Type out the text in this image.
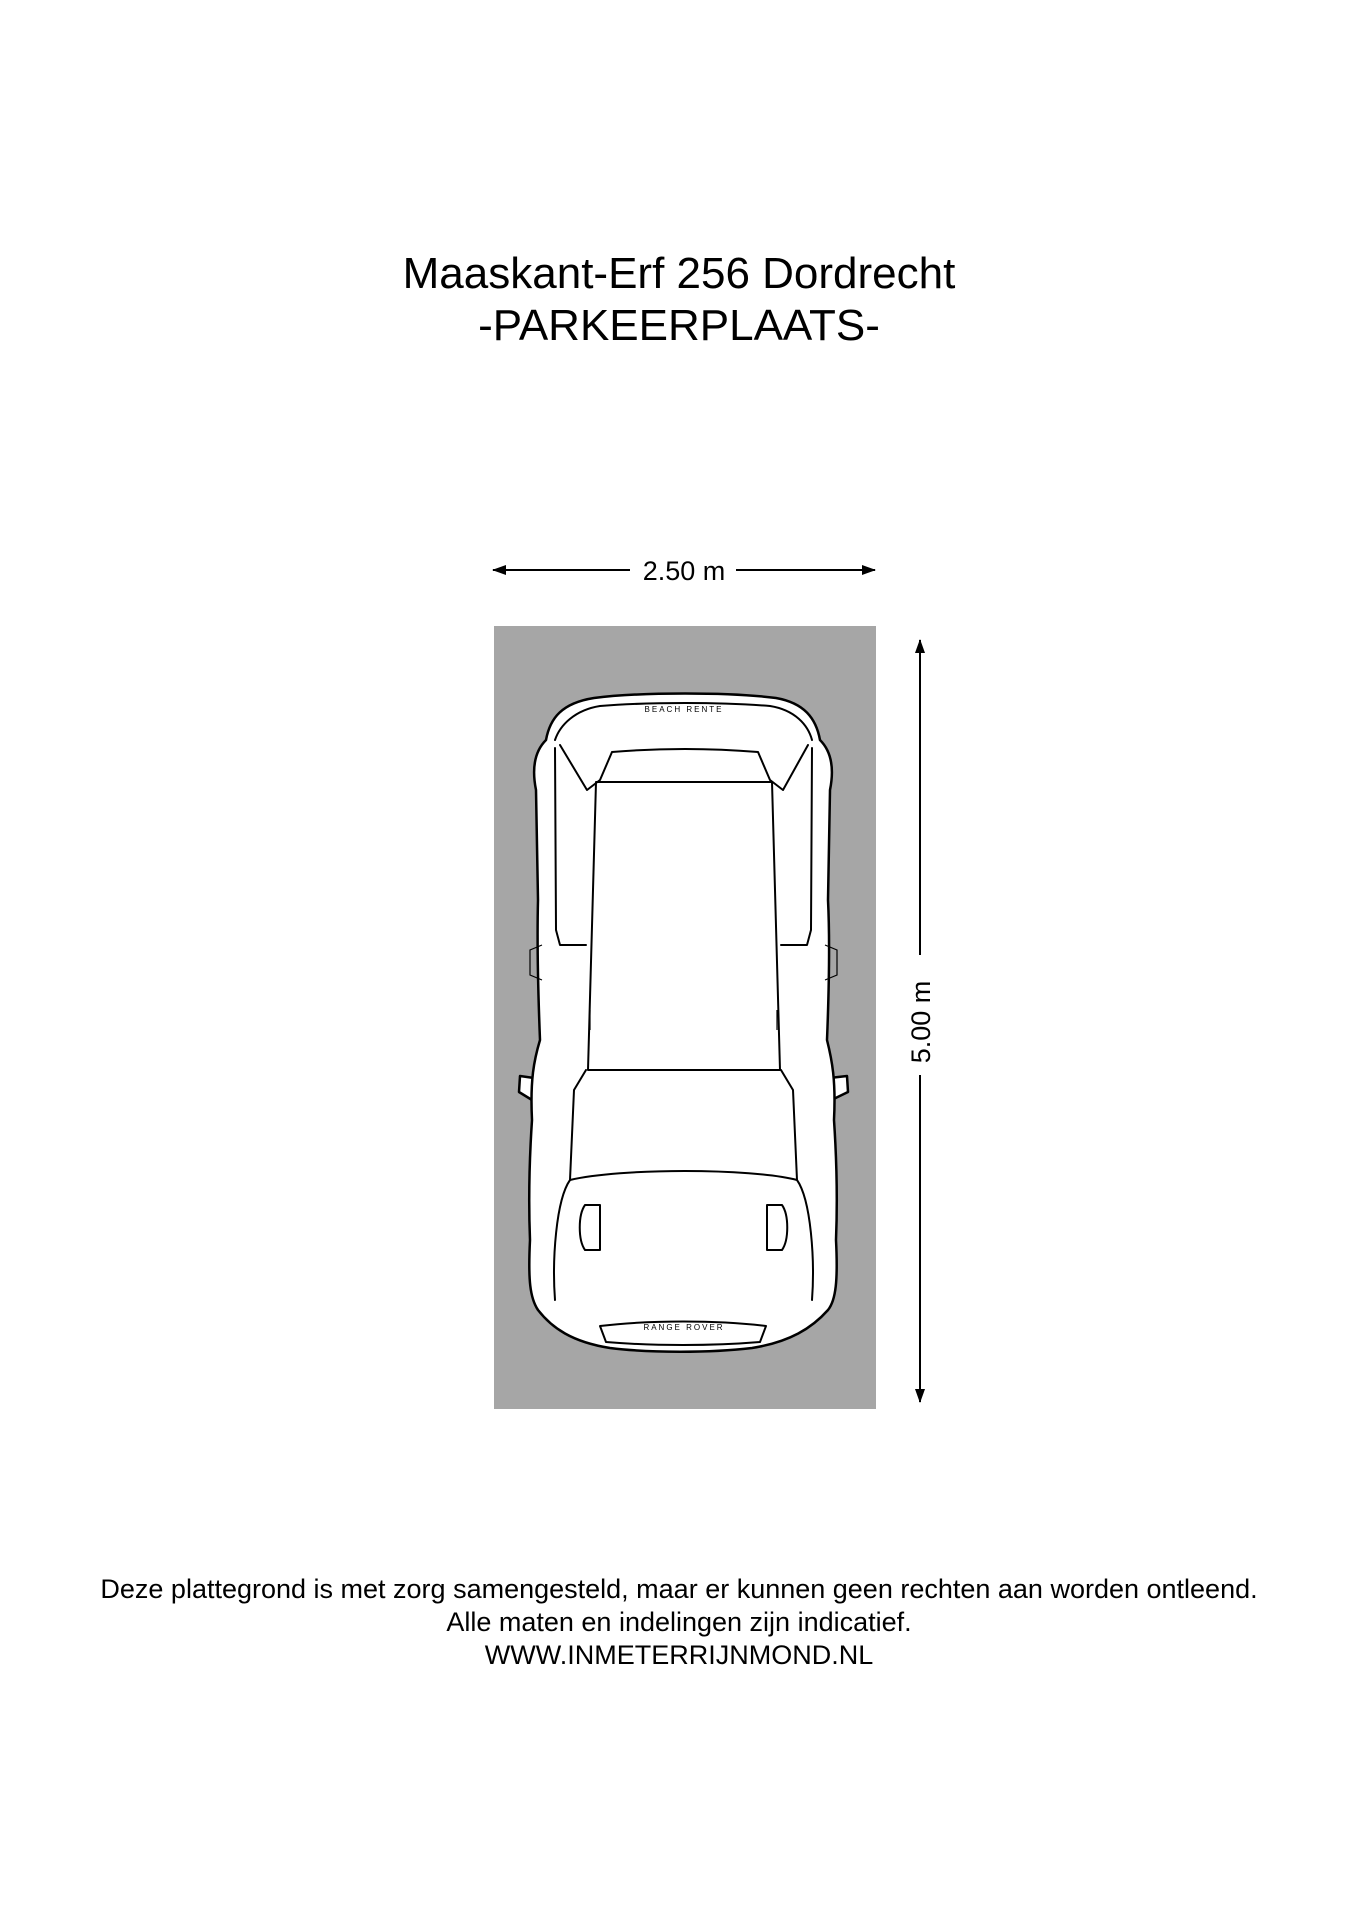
Maaskant-Erf 256 Dordrecht
-PARKEERPLAATS-
2.50 m
5.00 m
BEACH RENTE
RANGE ROVER
Deze plattegrond is met zorg samengesteld, maar er kunnen geen rechten aan worden ontleend.
Alle maten en indelingen zijn indicatief.
WWW.INMETERRIJNMOND.NL
